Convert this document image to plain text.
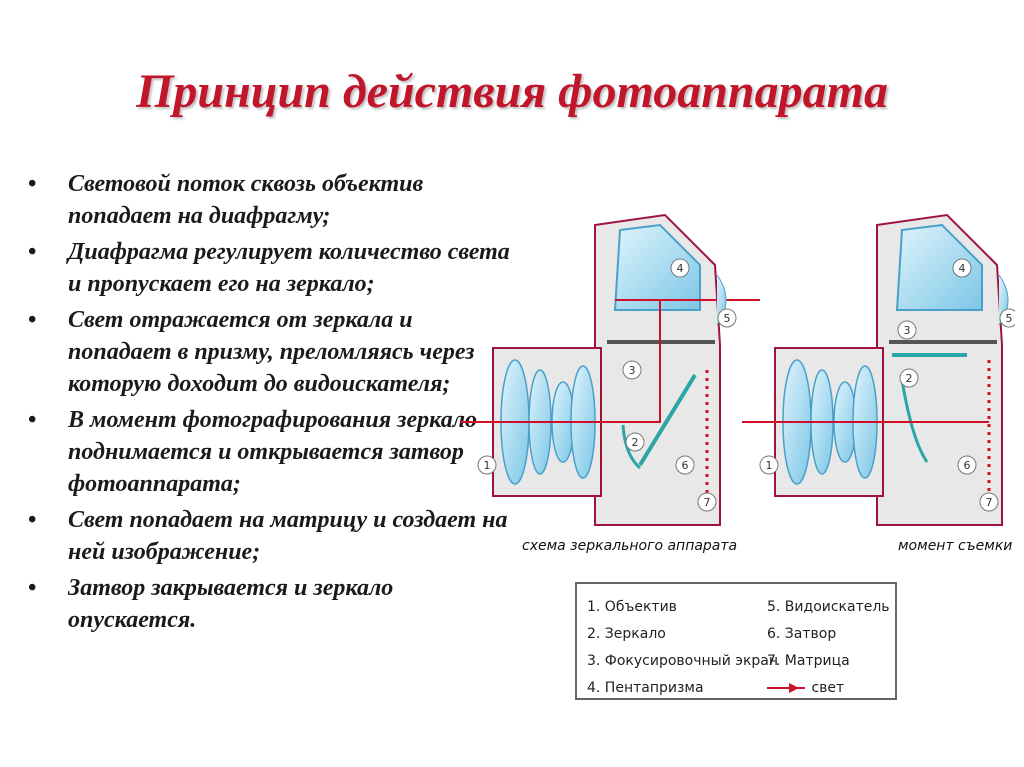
Принцип действия фотоаппарата
• Световой поток сквозь объектив попадает на диафрагму;
• Диафрагма регулирует количество света и пропускает его на зеркало;
• Свет отражается от зеркала и попадает в призму, преломляясь через которую доходит до видоискателя;
• В момент фотографирования зеркало поднимается и открывается затвор фотоаппарата;
• Свет попадает на матрицу и создает на ней изображение;
• Затвор закрывается и зеркало опускается.
1
2
3
4
5
6
7
1
2
3
4
5
6
7
схема зеркального аппарата	момент съемки
1. Объектив
2. Зеркало
3. Фокусировочный экран
4. Пентапризма
5. Видоискатель
6. Затвор
7. Матрица
свет
